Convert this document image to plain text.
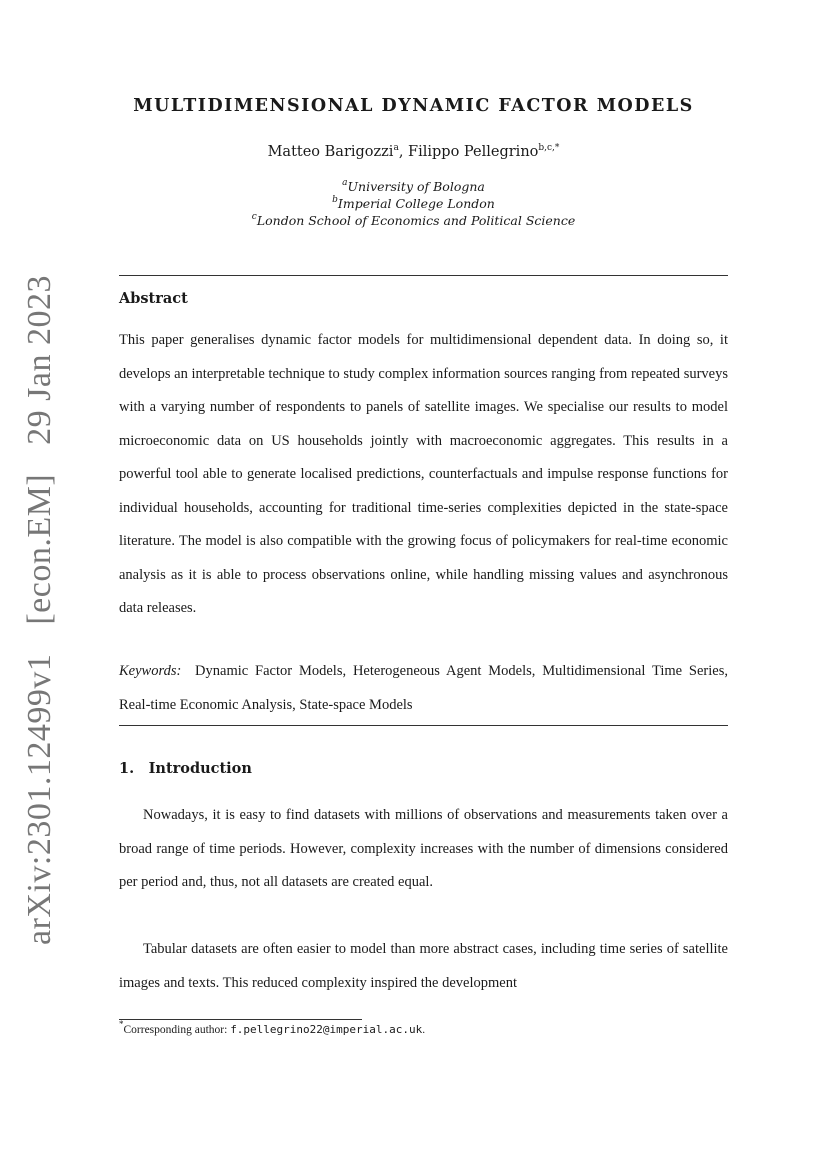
arXiv:2301.12499v1 [econ.EM] 29 Jan 2023
MULTIDIMENSIONAL DYNAMIC FACTOR MODELS
Matteo Barigozzi$^a$, Filippo Pellegrino$^{b,c,*}$
$^a$University of Bologna
$^b$Imperial College London
$^c$London School of Economics and Political Science
Abstract
This paper generalises dynamic factor models for multidimensional dependent data. In doing so, it develops an interpretable technique to study complex information sources ranging from repeated surveys with a varying number of respondents to panels of satellite images. We specialise our results to model microeconomic data on US households jointly with macroeconomic aggregates. This results in a powerful tool able to generate localised predictions, counterfactuals and impulse response functions for individual households, accounting for traditional time-series complexities depicted in the state-space literature. The model is also compatible with the growing focus of policymakers for real-time economic analysis as it is able to process observations online, while handling missing values and asynchronous data releases.
Keywords: Dynamic Factor Models, Heterogeneous Agent Models, Multidimensional Time Series, Real-time Economic Analysis, State-space Models
1. Introduction
Nowadays, it is easy to find datasets with millions of observations and measurements taken over a broad range of time periods. However, complexity increases with the number of dimensions considered per period and, thus, not all datasets are created equal.
Tabular datasets are often easier to model than more abstract cases, including time series of satellite images and texts. This reduced complexity inspired the development
*Corresponding author: f.pellegrino22@imperial.ac.uk.
